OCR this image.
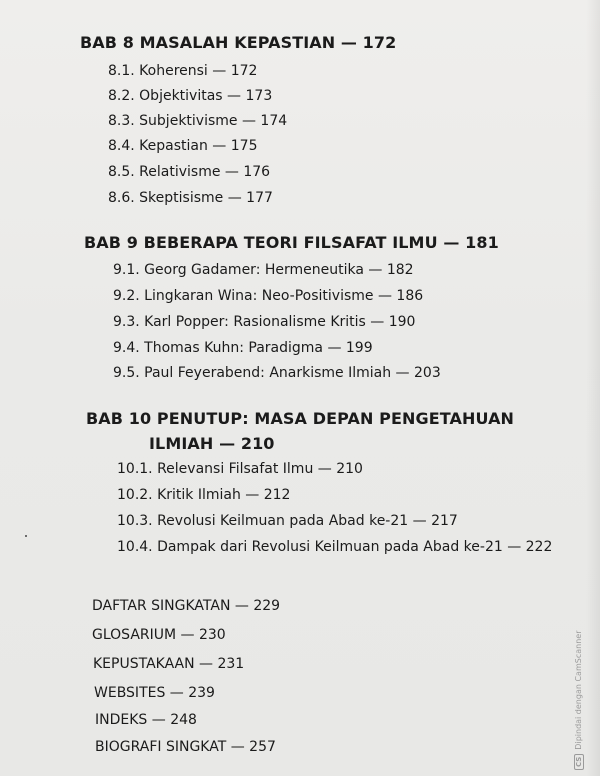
BAB 8 MASALAH KEPASTIAN — 172
8.1. Koherensi — 172
8.2. Objektivitas — 173
8.3. Subjektivisme — 174
8.4. Kepastian — 175
8.5. Relativisme — 176
8.6. Skeptisisme — 177
BAB 9 BEBERAPA TEORI FILSAFAT ILMU — 181
9.1. Georg Gadamer: Hermeneutika — 182
9.2. Lingkaran Wina: Neo-Positivisme — 186
9.3. Karl Popper: Rasionalisme Kritis — 190
9.4. Thomas Kuhn: Paradigma — 199
9.5. Paul Feyerabend: Anarkisme Ilmiah — 203
BAB 10 PENUTUP: MASA DEPAN PENGETAHUAN
ILMIAH — 210
10.1. Relevansi Filsafat Ilmu — 210
10.2. Kritik Ilmiah — 212
10.3. Revolusi Keilmuan pada Abad ke-21 — 217
10.4. Dampak dari Revolusi Keilmuan pada Abad ke-21 — 222
DAFTAR SINGKATAN — 229
GLOSARIUM — 230
KEPUSTAKAAN — 231
WEBSITES — 239
INDEKS — 248
BIOGRAFI SINGKAT — 257
CSDipindai dengan CamScanner
